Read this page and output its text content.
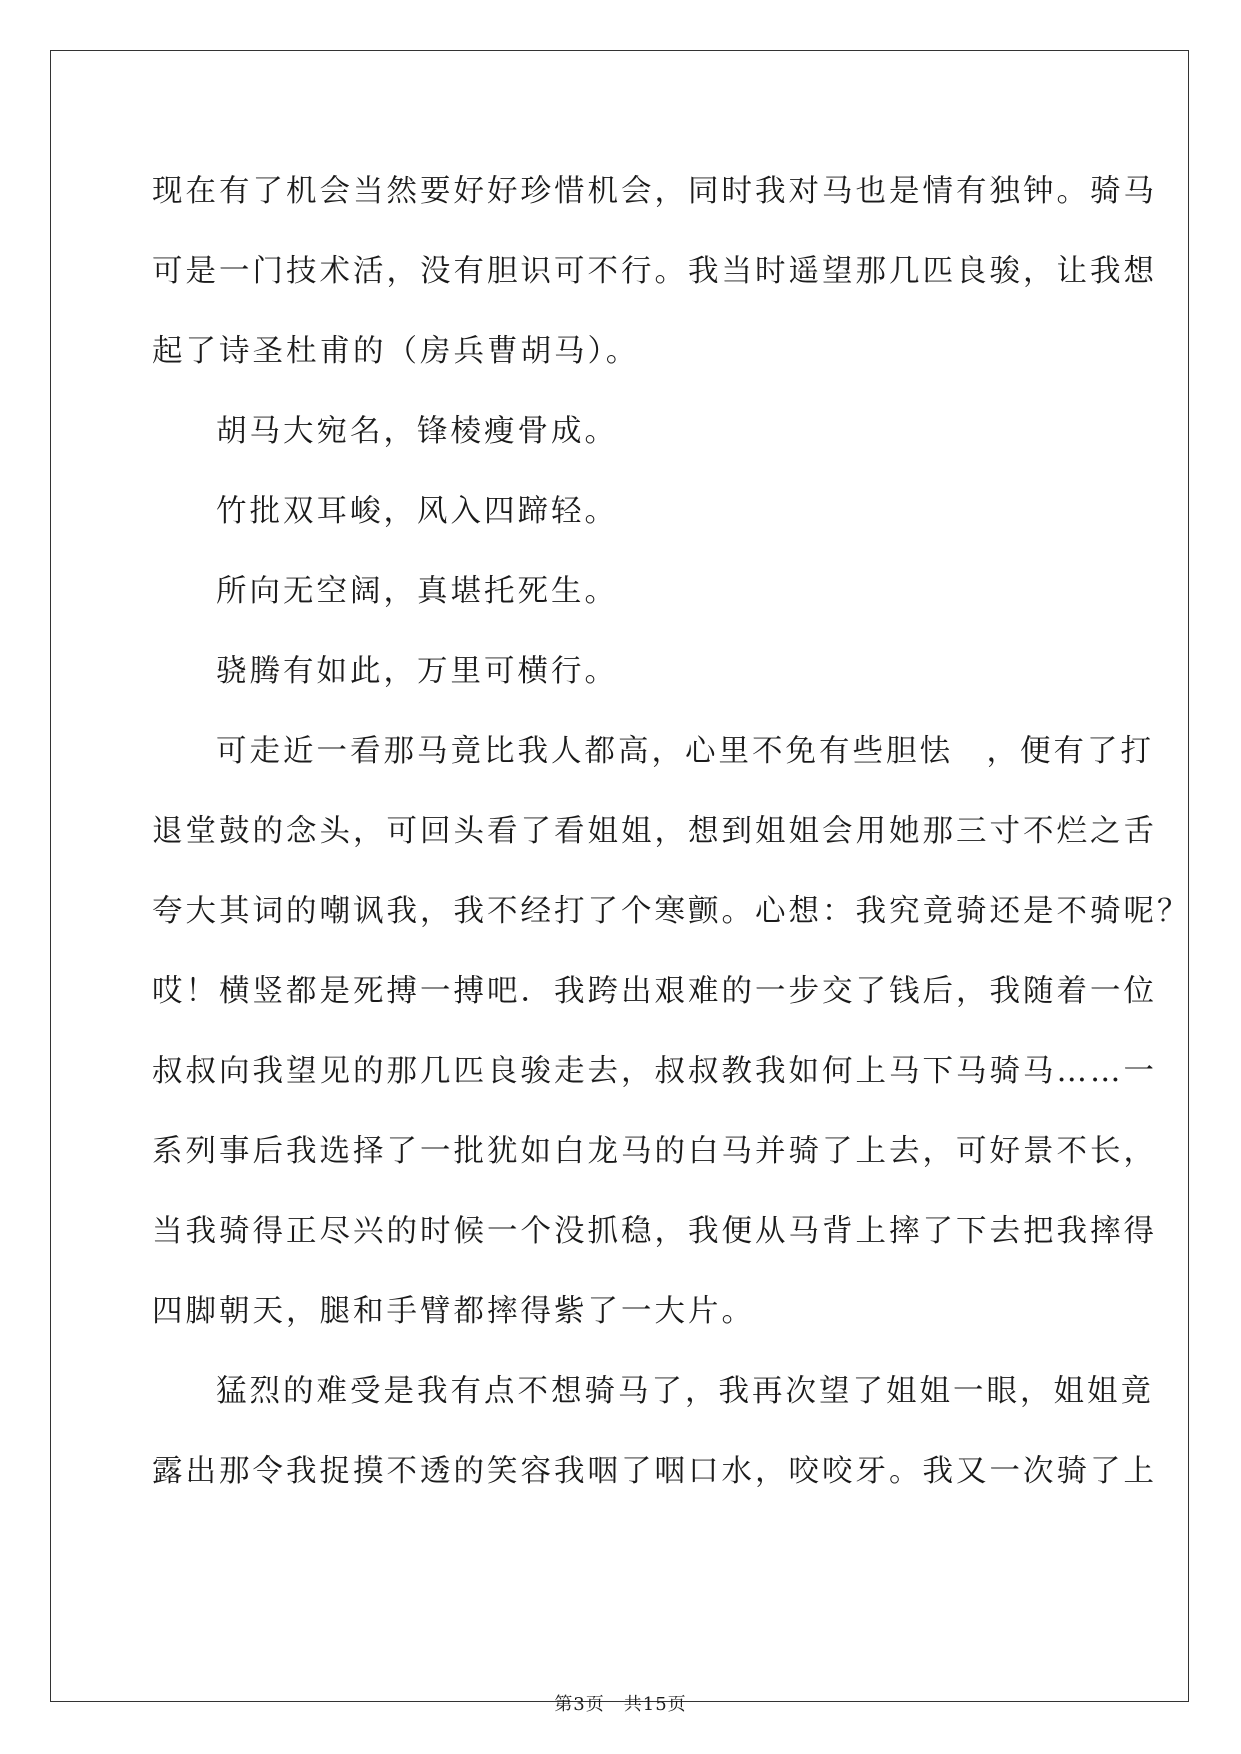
现在有了机会当然要好好珍惜机会，同时我对马也是情有独钟。骑马
可是一门技术活，没有胆识可不行。我当时遥望那几匹良骏，让我想
起了诗圣杜甫的（房兵曹胡马）。
胡马大宛名，锋棱瘦骨成。
竹批双耳峻，风入四蹄轻。
所向无空阔，真堪托死生。
骁腾有如此，万里可横行。
可走近一看那马竟比我人都高，心里不免有些胆怯　，便有了打
退堂鼓的念头，可回头看了看姐姐，想到姐姐会用她那三寸不烂之舌
夸大其词的嘲讽我，我不经打了个寒颤。心想：我究竟骑还是不骑呢？
哎！横竖都是死搏一搏吧．我跨出艰难的一步交了钱后，我随着一位
叔叔向我望见的那几匹良骏走去，叔叔教我如何上马下马骑马……一
系列事后我选择了一批犹如白龙马的白马并骑了上去，可好景不长，
当我骑得正尽兴的时候一个没抓稳，我便从马背上摔了下去把我摔得
四脚朝天，腿和手臂都摔得紫了一大片。
猛烈的难受是我有点不想骑马了，我再次望了姐姐一眼，姐姐竟
露出那令我捉摸不透的笑容我咽了咽口水，咬咬牙。我又一次骑了上
第3页　共15页
